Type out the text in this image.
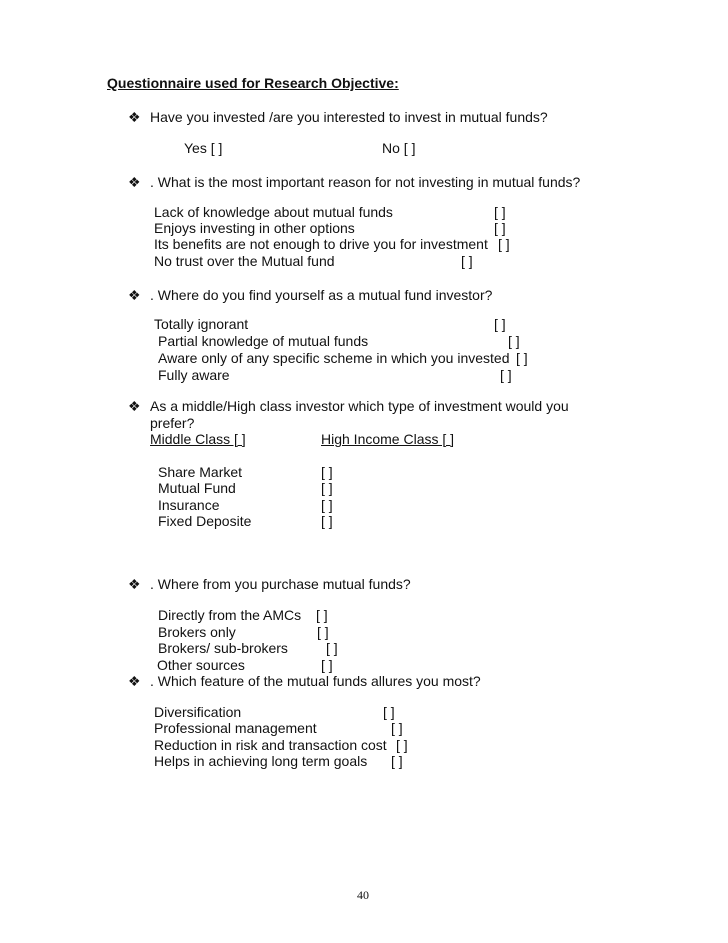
Questionnaire used for Research Objective:
❖ Have you invested /are you interested to invest in mutual funds?
Yes [ ]	No [ ]
❖ . What is the most important reason for not investing in mutual funds?
Lack of knowledge about mutual funds	[ ]
Enjoys investing in other options	[ ]
Its benefits are not enough to drive you for investment [ ]
No trust over the Mutual fund	[ ]
❖ . Where do you find yourself as a mutual fund investor?
Totally ignorant	[ ]
Partial knowledge of mutual funds	[ ]
Aware only of any specific scheme in which you invested [ ]
Fully aware	[ ]
❖ As a middle/High class investor which type of investment would you
prefer?
Middle Class [ ]	High Income Class [ ]
Share Market	[ ]
Mutual Fund	[ ]
Insurance	[ ]
Fixed Deposite	[ ]
❖ . Where from you purchase mutual funds?
Directly from the AMCs [ ]
Brokers only	[ ]
Brokers/ sub-brokers	[ ]
Other sources	[ ]
❖ . Which feature of the mutual funds allures you most?
Diversification	[ ]
Professional management	[ ]
Reduction in risk and transaction cost [ ]
Helps in achieving long term goals [ ]
40
